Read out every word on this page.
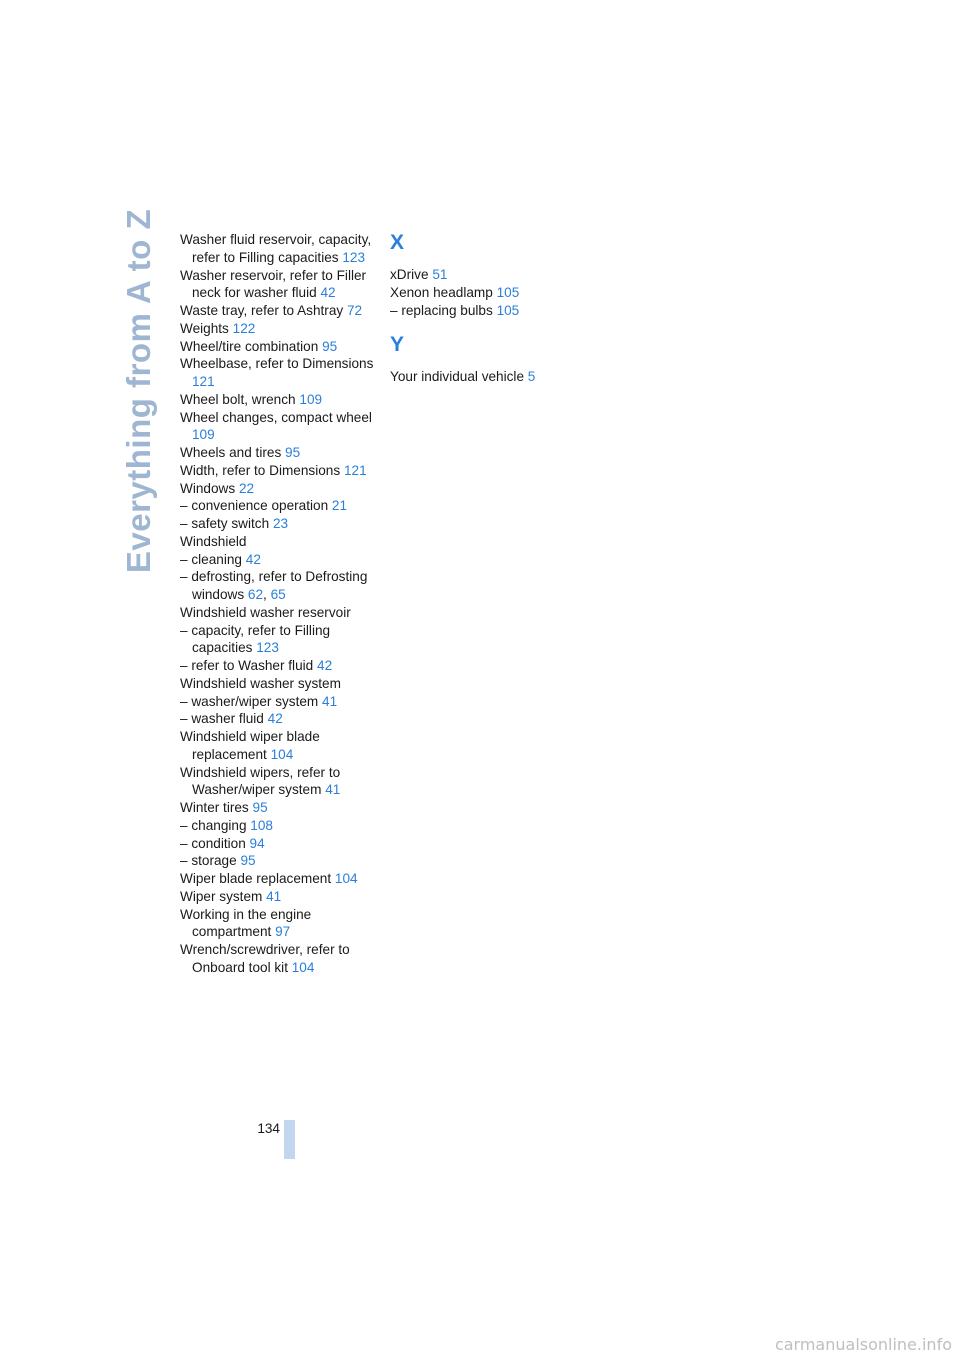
Everything from A to Z Washer fluid reservoir, capacity, refer to Filling capacities 123

Washer reservoir, refer to Filler neck for washer fluid 42

Waste tray, refer to Ashtray 72

Weights 122

Wheel/tire combination 95

Wheelbase, refer to Dimensions 121

Wheel bolt, wrench 109

Wheel changes, compact wheel 109

Wheels and tires 95

Width, refer to Dimensions 121

Windows 22

– convenience operation 21

– safety switch 23

Windshield

– cleaning 42

– defrosting, refer to Defrosting windows 62, 65

Windshield washer reservoir

– capacity, refer to Filling capacities 123

– refer to Washer fluid 42

Windshield washer system

– washer/wiper system 41

– washer fluid 42

Windshield wiper blade replacement 104

Windshield wipers, refer to Washer/wiper system 41

Winter tires 95

– changing 108

– condition 94

– storage 95

Wiper blade replacement 104

Wiper system 41

Working in the engine compartment 97

Wrench/screwdriver, refer to Onboard tool kit 104

X

xDrive 51

Xenon headlamp 105

– replacing bulbs 105

Y

Your individual vehicle 5

134
carmanualsonline.info
